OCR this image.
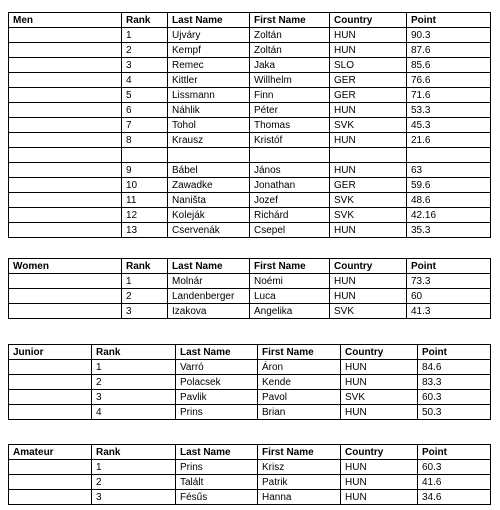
Men	Rank	Last Name	First Name	Country	Point
	1	Ujváry	Zoltán	HUN	90.3
	2	Kempf	Zoltán	HUN	87.6
	3	Remec	Jaka	SLO	85.6
	4	Kittler	Willhelm	GER	76.6
	5	Lissmann	Finn	GER	71.6
	6	Náhlik	Péter	HUN	53.3
	7	Tohol	Thomas	SVK	45.3
	8	Krausz	Kristóf	HUN	21.6

	9	Bábel	János	HUN	63
	10	Zawadke	Jonathan	GER	59.6
	11	Naništa	Jozef	SVK	48.6
	12	Koleják	Richárd	SVK	42.16
	13	Cservenák	Csepel	HUN	35.3
Women	Rank	Last Name	First Name	Country	Point
	1	Molnár	Noémi	HUN	73.3
	2	Landenberger	Luca	HUN	60
	3	Izakova	Angelika	SVK	41.3
Junior	Rank	Last Name	First Name	Country	Point
	1	Varró	Áron	HUN	84.6
	2	Polacsek	Kende	HUN	83.3
	3	Pavlik	Pavol	SVK	60.3
	4	Prins	Brian	HUN	50.3
Amateur	Rank	Last Name	First Name	Country	Point
	1	Prins	Krisz	HUN	60.3
	2	Talált	Patrik	HUN	41.6
	3	Fésűs	Hanna	HUN	34.6
